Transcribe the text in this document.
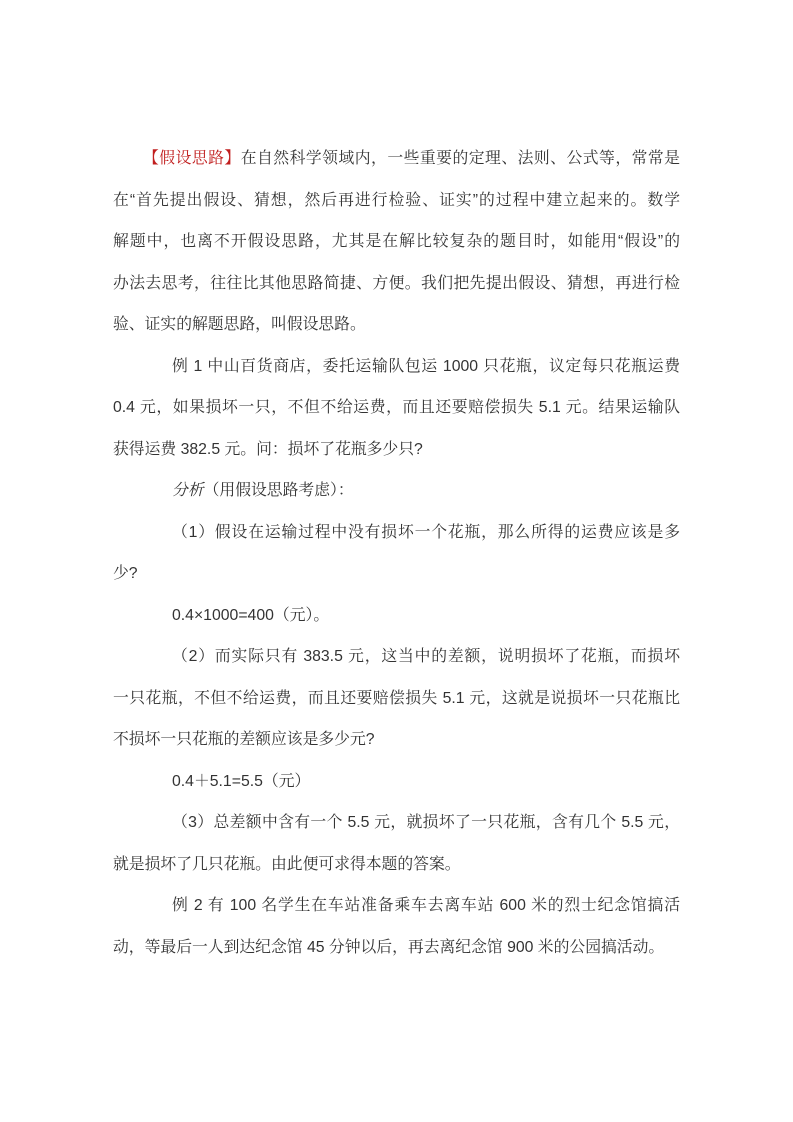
【假设思路】在自然科学领域内，一些重要的定理、法则、公式等，常常是
在“首先提出假设、猜想，然后再进行检验、证实”的过程中建立起来的。数学
解题中，也离不开假设思路，尤其是在解比较复杂的题目时，如能用“假设”的
办法去思考，往往比其他思路简捷、方便。我们把先提出假设、猜想，再进行检
验、证实的解题思路，叫假设思路。
例 1 中山百货商店，委托运输队包运 1000 只花瓶，议定每只花瓶运费
0.4 元，如果损坏一只，不但不给运费，而且还要赔偿损失 5.1 元。结果运输队
获得运费 382.5 元。问：损坏了花瓶多少只?
分析（用假设思路考虑）：
（1）假设在运输过程中没有损坏一个花瓶，那么所得的运费应该是多
少?
0.4×1000=400（元）。
（2）而实际只有 383.5 元，这当中的差额，说明损坏了花瓶，而损坏
一只花瓶，不但不给运费，而且还要赔偿损失 5.1 元，这就是说损坏一只花瓶比
不损坏一只花瓶的差额应该是多少元?
0.4＋5.1=5.5（元）
（3）总差额中含有一个 5.5 元，就损坏了一只花瓶，含有几个 5.5 元，
就是损坏了几只花瓶。由此便可求得本题的答案。
例 2 有 100 名学生在车站准备乘车去离车站 600 米的烈士纪念馆搞活
动，等最后一人到达纪念馆 45 分钟以后，再去离纪念馆 900 米的公园搞活动。
